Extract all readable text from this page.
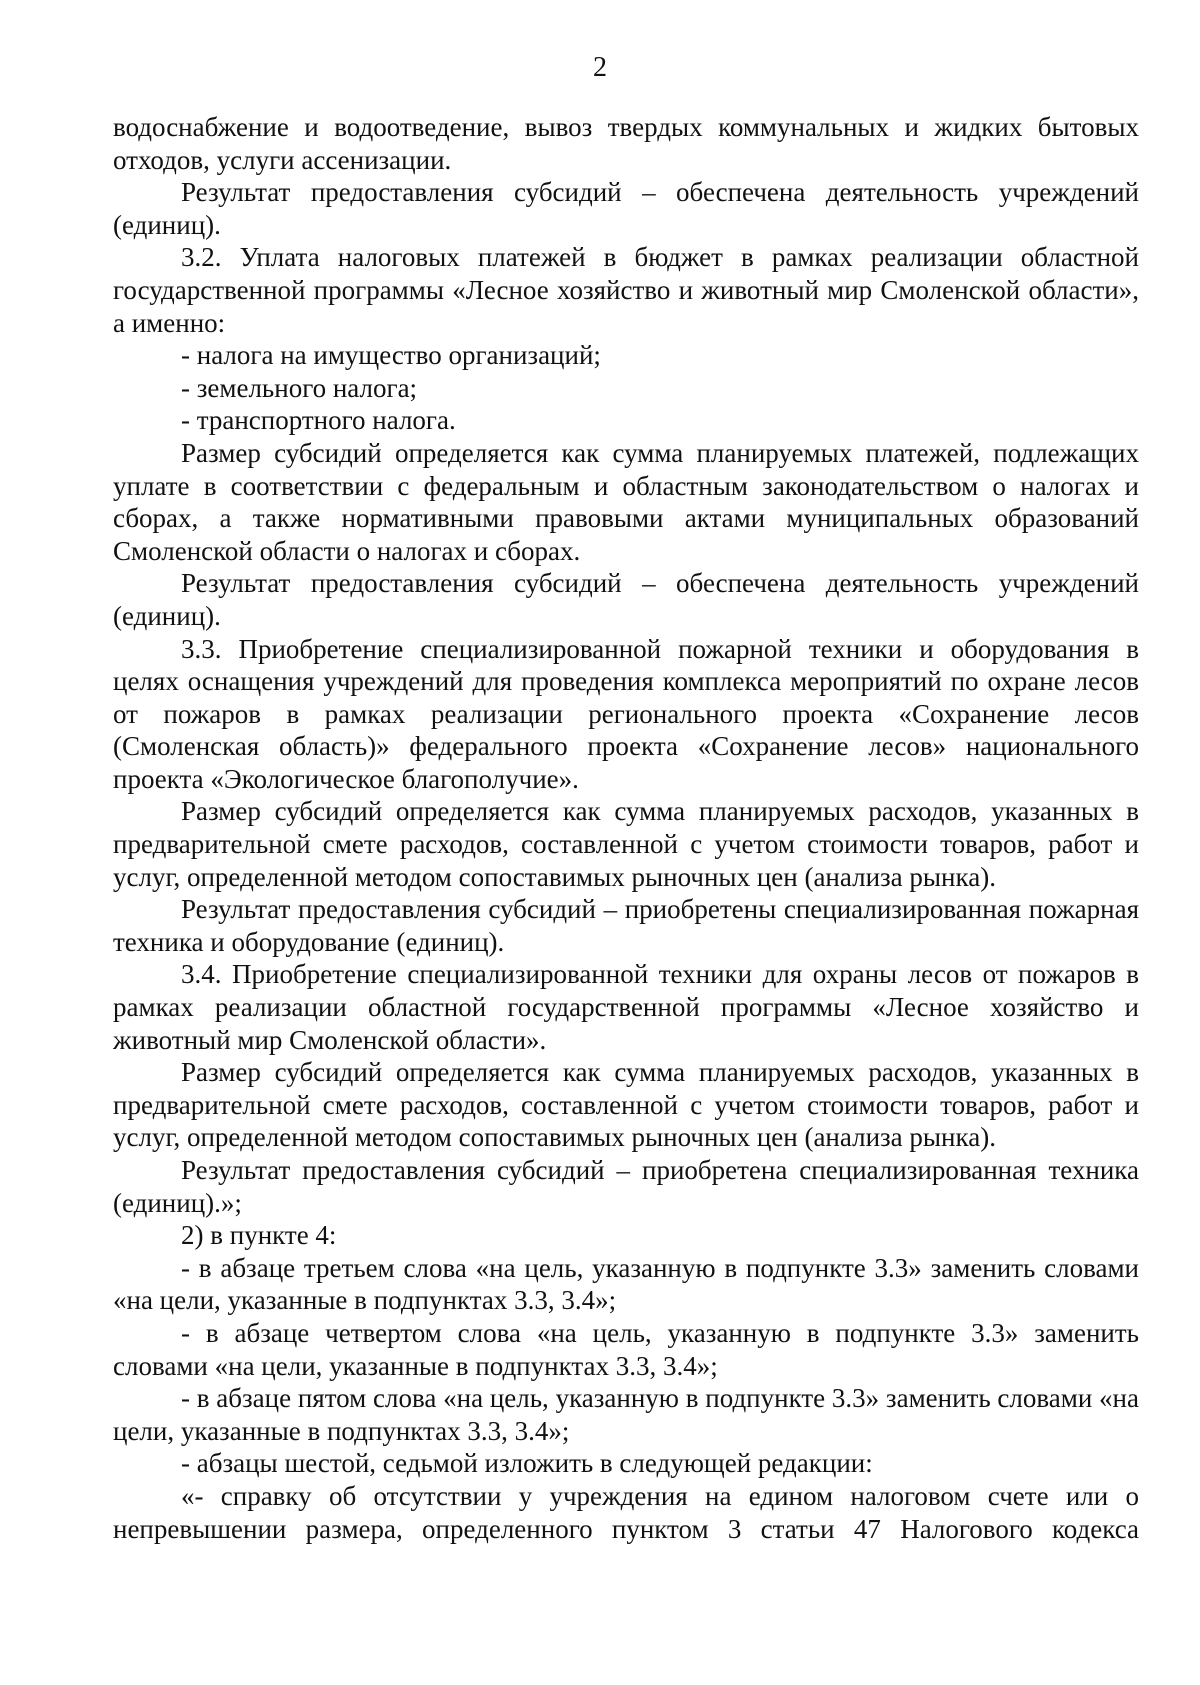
2

водоснабжение и водоотведение, вывоз твердых коммунальных и жидких бытовых отходов, услуги ассенизации.

Результат предоставления субсидий – обеспечена деятельность учреждений (единиц).

3.2. Уплата налоговых платежей в бюджет в рамках реализации областной государственной программы «Лесное хозяйство и животный мир Смоленской области», а именно:

- налога на имущество организаций;

- земельного налога;

- транспортного налога.

Размер субсидий определяется как сумма планируемых платежей, подлежащих уплате в соответствии с федеральным и областным законодательством о налогах и сборах, а также нормативными правовыми актами муниципальных образований Смоленской области о налогах и сборах.

Результат предоставления субсидий – обеспечена деятельность учреждений (единиц).

3.3. Приобретение специализированной пожарной техники и оборудования в целях оснащения учреждений для проведения комплекса мероприятий по охране лесов от пожаров в рамках реализации регионального проекта «Сохранение лесов (Смоленская область)» федерального проекта «Сохранение лесов» национального проекта «Экологическое благополучие».

Размер субсидий определяется как сумма планируемых расходов, указанных в предварительной смете расходов, составленной с учетом стоимости товаров, работ и услуг, определенной методом сопоставимых рыночных цен (анализа рынка).

Результат предоставления субсидий – приобретены специализированная пожарная техника и оборудование (единиц).

3.4. Приобретение специализированной техники для охраны лесов от пожаров в рамках реализации областной государственной программы «Лесное хозяйство и животный мир Смоленской области».

Размер субсидий определяется как сумма планируемых расходов, указанных в предварительной смете расходов, составленной с учетом стоимости товаров, работ и услуг, определенной методом сопоставимых рыночных цен (анализа рынка).

Результат предоставления субсидий – приобретена специализированная техника (единиц).»;

2) в пункте 4:

- в абзаце третьем слова «на цель, указанную в подпункте 3.3» заменить словами «на цели, указанные в подпунктах 3.3, 3.4»;

- в абзаце четвертом слова «на цель, указанную в подпункте 3.3» заменить словами «на цели, указанные в подпунктах 3.3, 3.4»;

- в абзаце пятом слова «на цель, указанную в подпункте 3.3» заменить словами «на цели, указанные в подпунктах 3.3, 3.4»;

- абзацы шестой, седьмой изложить в следующей редакции:

«- справку об отсутствии у учреждения на едином налоговом счете или о непревышении размера, определенного пунктом 3 статьи 47 Налогового кодекса
